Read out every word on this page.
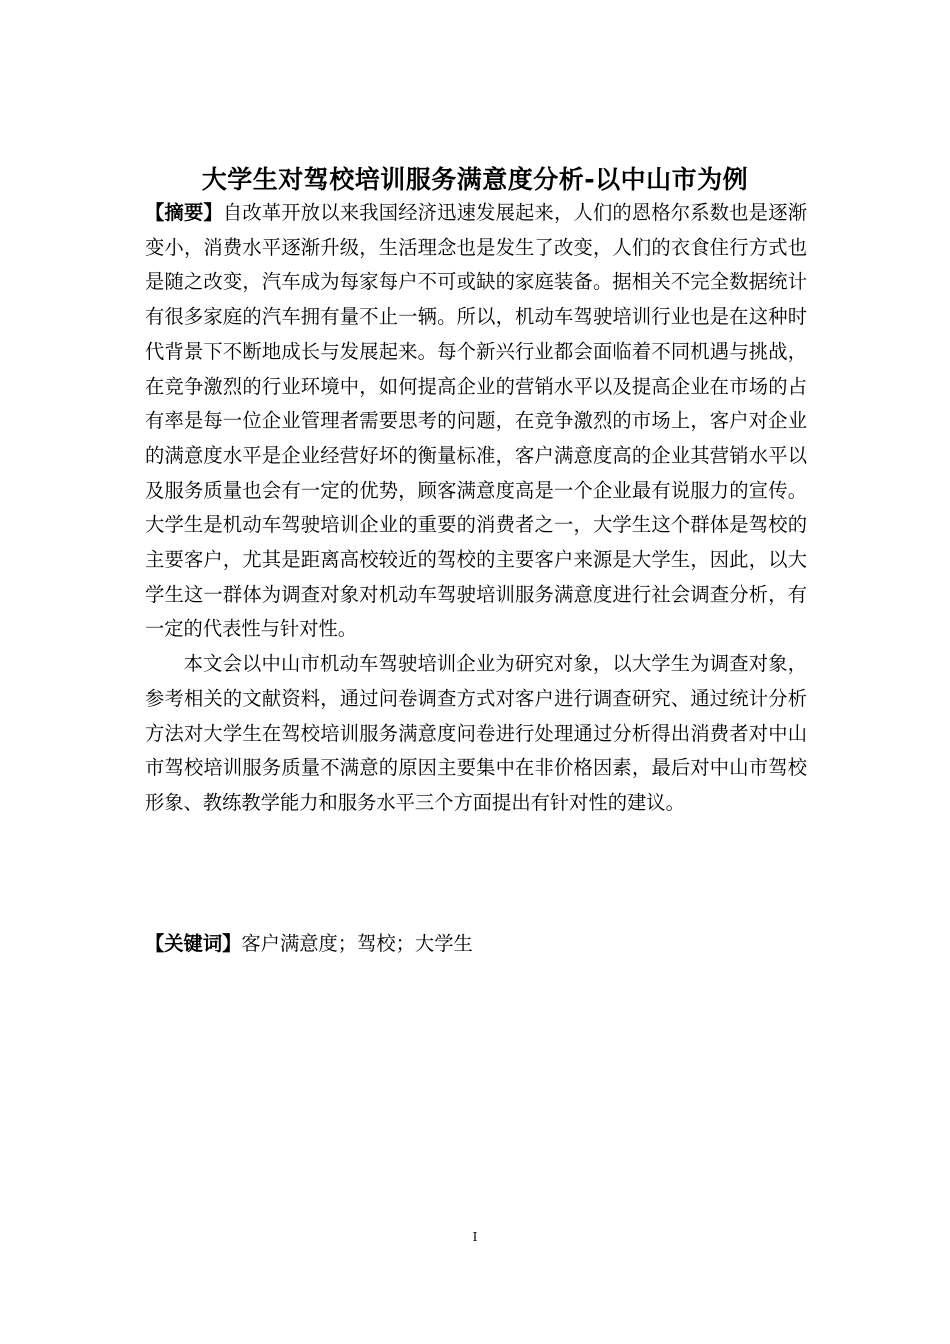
大学生对驾校培训服务满意度分析-以中山市为例

【摘要】自改革开放以来我国经济迅速发展起来，人们的恩格尔系数也是逐渐变小，消费水平逐渐升级，生活理念也是发生了改变，人们的衣食住行方式也是随之改变，汽车成为每家每户不可或缺的家庭装备。据相关不完全数据统计有很多家庭的汽车拥有量不止一辆。所以，机动车驾驶培训行业也是在这种时代背景下不断地成长与发展起来。每个新兴行业都会面临着不同机遇与挑战，在竞争激烈的行业环境中，如何提高企业的营销水平以及提高企业在市场的占有率是每一位企业管理者需要思考的问题，在竞争激烈的市场上，客户对企业的满意度水平是企业经营好坏的衡量标准，客户满意度高的企业其营销水平以及服务质量也会有一定的优势，顾客满意度高是一个企业最有说服力的宣传。大学生是机动车驾驶培训企业的重要的消费者之一，大学生这个群体是驾校的主要客户，尤其是距离高校较近的驾校的主要客户来源是大学生，因此，以大学生这一群体为调查对象对机动车驾驶培训服务满意度进行社会调查分析，有一定的代表性与针对性。

本文会以中山市机动车驾驶培训企业为研究对象，以大学生为调查对象，参考相关的文献资料，通过问卷调查方式对客户进行调查研究、通过统计分析方法对大学生在驾校培训服务满意度问卷进行处理通过分析得出消费者对中山市驾校培训服务质量不满意的原因主要集中在非价格因素，最后对中山市驾校形象、教练教学能力和服务水平三个方面提出有针对性的建议。

【关键词】客户满意度；驾校；大学生

I
